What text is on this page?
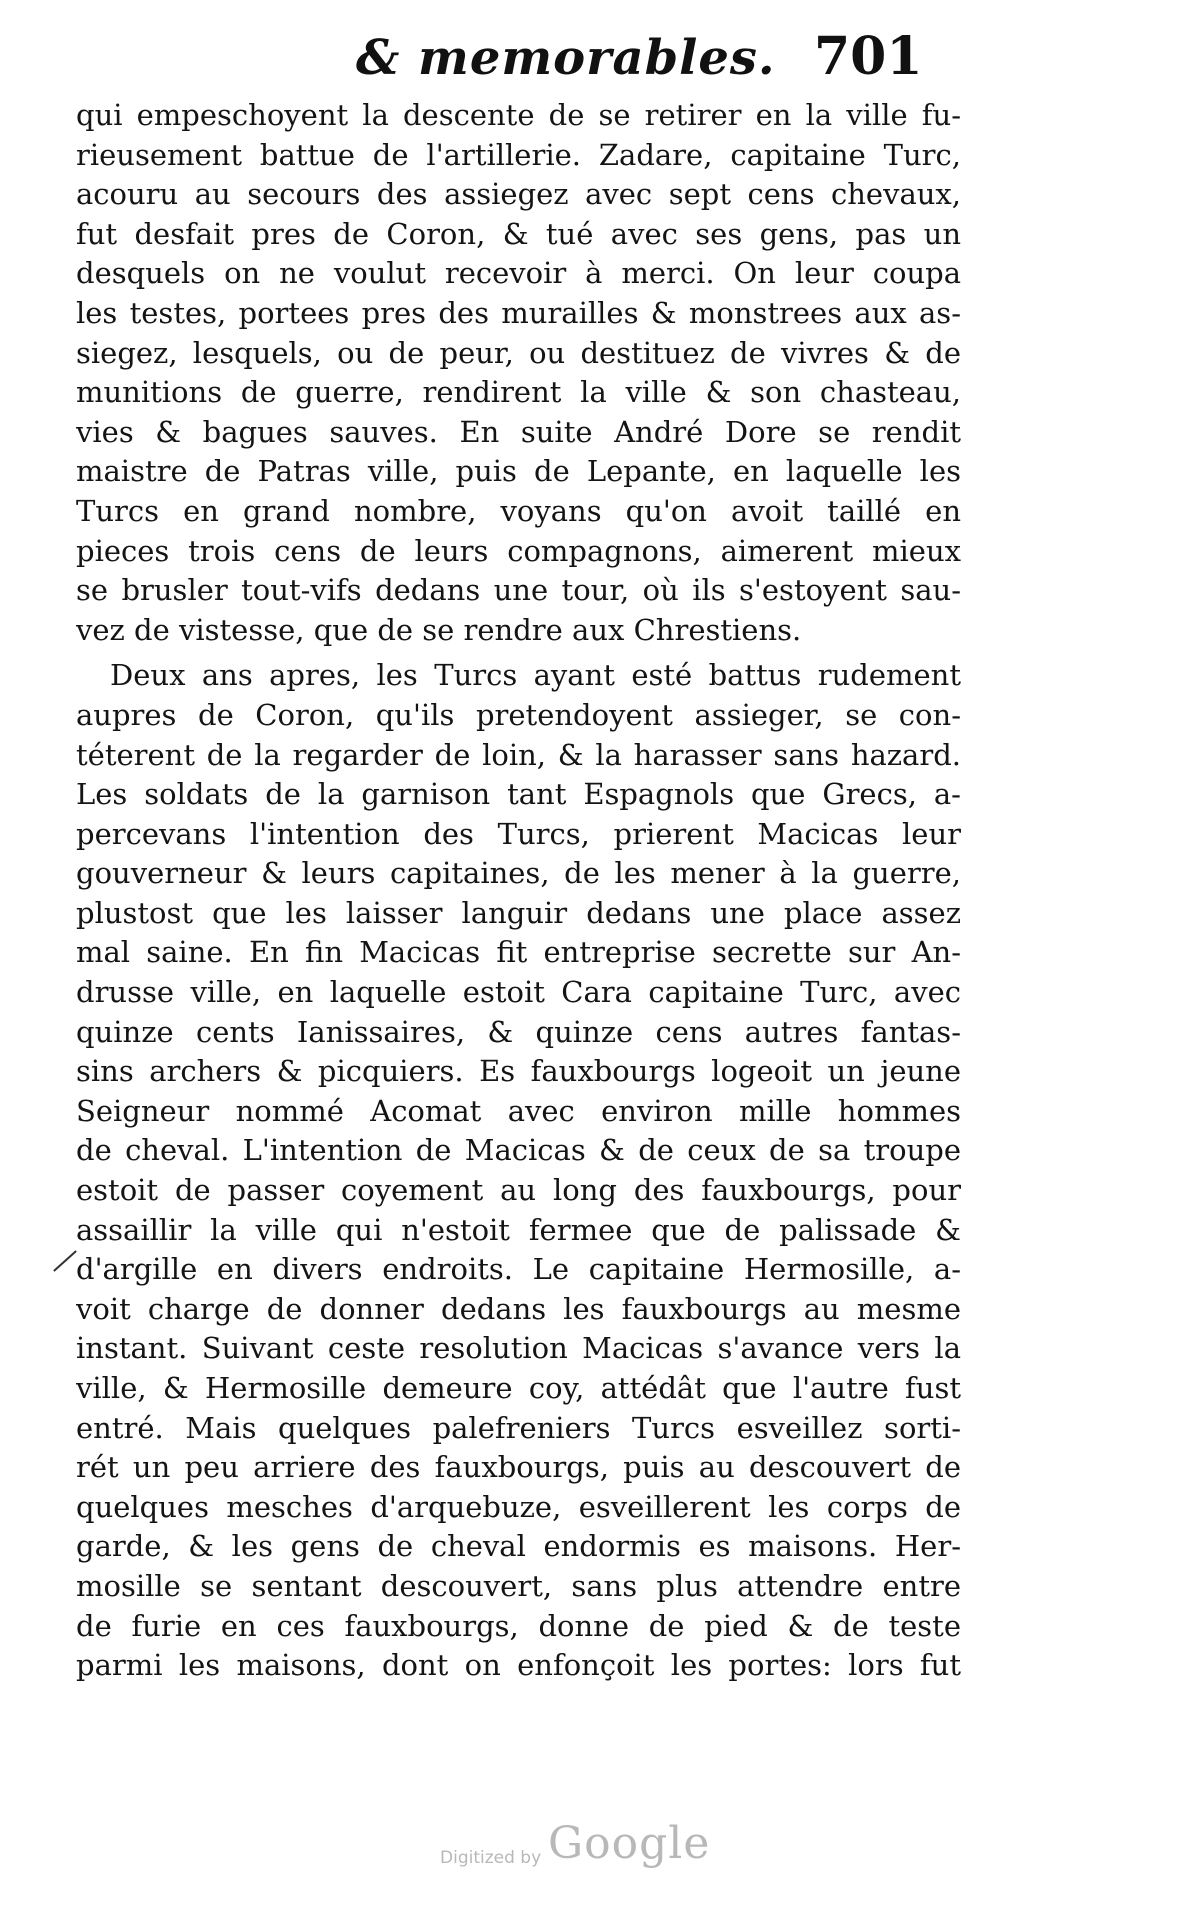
& memorables. 701
qui empeschoyent la descente de se retirer en la ville fu-
rieusement battue de l'artillerie. Zadare, capitaine Turc,
acouru au secours des assiegez avec sept cens chevaux,
fut desfait pres de Coron, & tué avec ses gens, pas un
desquels on ne voulut recevoir à merci. On leur coupa
les testes, portees pres des murailles & monstrees aux as-
siegez, lesquels, ou de peur, ou destituez de vivres & de
munitions de guerre, rendirent la ville & son chasteau,
vies & bagues sauves. En suite André Dore se rendit
maistre de Patras ville, puis de Lepante, en laquelle les
Turcs en grand nombre, voyans qu'on avoit taillé en
pieces trois cens de leurs compagnons, aimerent mieux
se brusler tout-vifs dedans une tour, où ils s'estoyent sau-
vez de vistesse, que de se rendre aux Chrestiens.
Deux ans apres, les Turcs ayant esté battus rudement
aupres de Coron, qu'ils pretendoyent assieger, se con-
téterent de la regarder de loin, & la harasser sans hazard.
Les soldats de la garnison tant Espagnols que Grecs, a-
percevans l'intention des Turcs, prierent Macicas leur
gouverneur & leurs capitaines, de les mener à la guerre,
plustost que les laisser languir dedans une place assez
mal saine. En fin Macicas fit entreprise secrette sur An-
drusse ville, en laquelle estoit Cara capitaine Turc, avec
quinze cents Ianissaires, & quinze cens autres fantas-
sins archers & picquiers. Es fauxbourgs logeoit un jeune
Seigneur nommé Acomat avec environ mille hommes
de cheval. L'intention de Macicas & de ceux de sa troupe
estoit de passer coyement au long des fauxbourgs, pour
assaillir la ville qui n'estoit fermee que de palissade &
d'argille en divers endroits. Le capitaine Hermosille, a-
voit charge de donner dedans les fauxbourgs au mesme
instant. Suivant ceste resolution Macicas s'avance vers la
ville, & Hermosille demeure coy, attédât que l'autre fust
entré. Mais quelques palefreniers Turcs esveillez sorti-
rét un peu arriere des fauxbourgs, puis au descouvert de
quelques mesches d'arquebuze, esveillerent les corps de
garde, & les gens de cheval endormis es maisons. Her-
mosille se sentant descouvert, sans plus attendre entre
de furie en ces fauxbourgs, donne de pied & de teste
parmi les maisons, dont on enfonçoit les portes: lors fut
Digitized by Google
